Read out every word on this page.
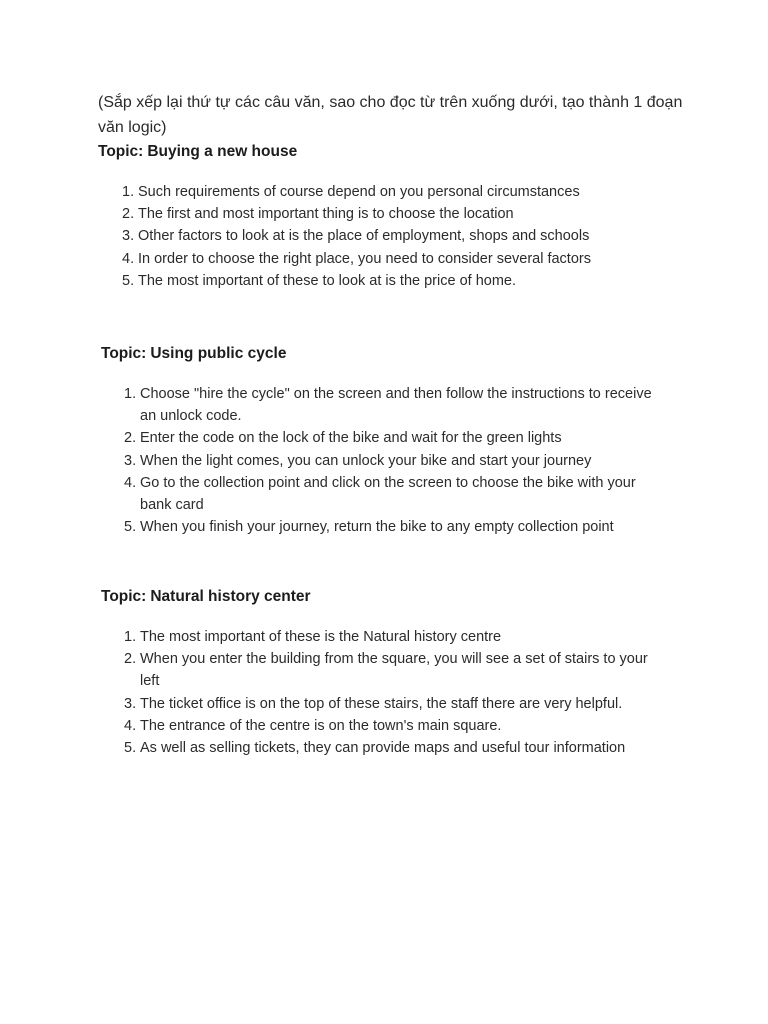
(Sắp xếp lại thứ tự các câu văn, sao cho đọc từ trên xuống dưới, tạo thành 1 đoạn văn logic)
Topic: Buying a new house
1. Such requirements of course depend on you personal circumstances
2. The first and most important thing is to choose the location
3. Other factors to look at is the place of employment, shops and schools
4. In order to choose the right place, you need to consider several factors
5. The most important of these to look at is the price of home.
Topic: Using public cycle
1. Choose "hire the cycle" on the screen and then follow the instructions to receive an unlock code.
2. Enter the code on the lock of the bike and wait for the green lights
3. When the light comes, you can unlock your bike and start your journey
4. Go to the collection point and click on the screen to choose the bike with your bank card
5. When you finish your journey, return the bike to any empty collection point
Topic: Natural history center
1. The most important of these is the Natural history centre
2. When you enter the building from the square, you will see a set of stairs to your left
3. The ticket office is on the top of these stairs, the staff there are very helpful.
4. The entrance of the centre is on the town's main square.
5. As well as selling tickets, they can provide maps and useful tour information
